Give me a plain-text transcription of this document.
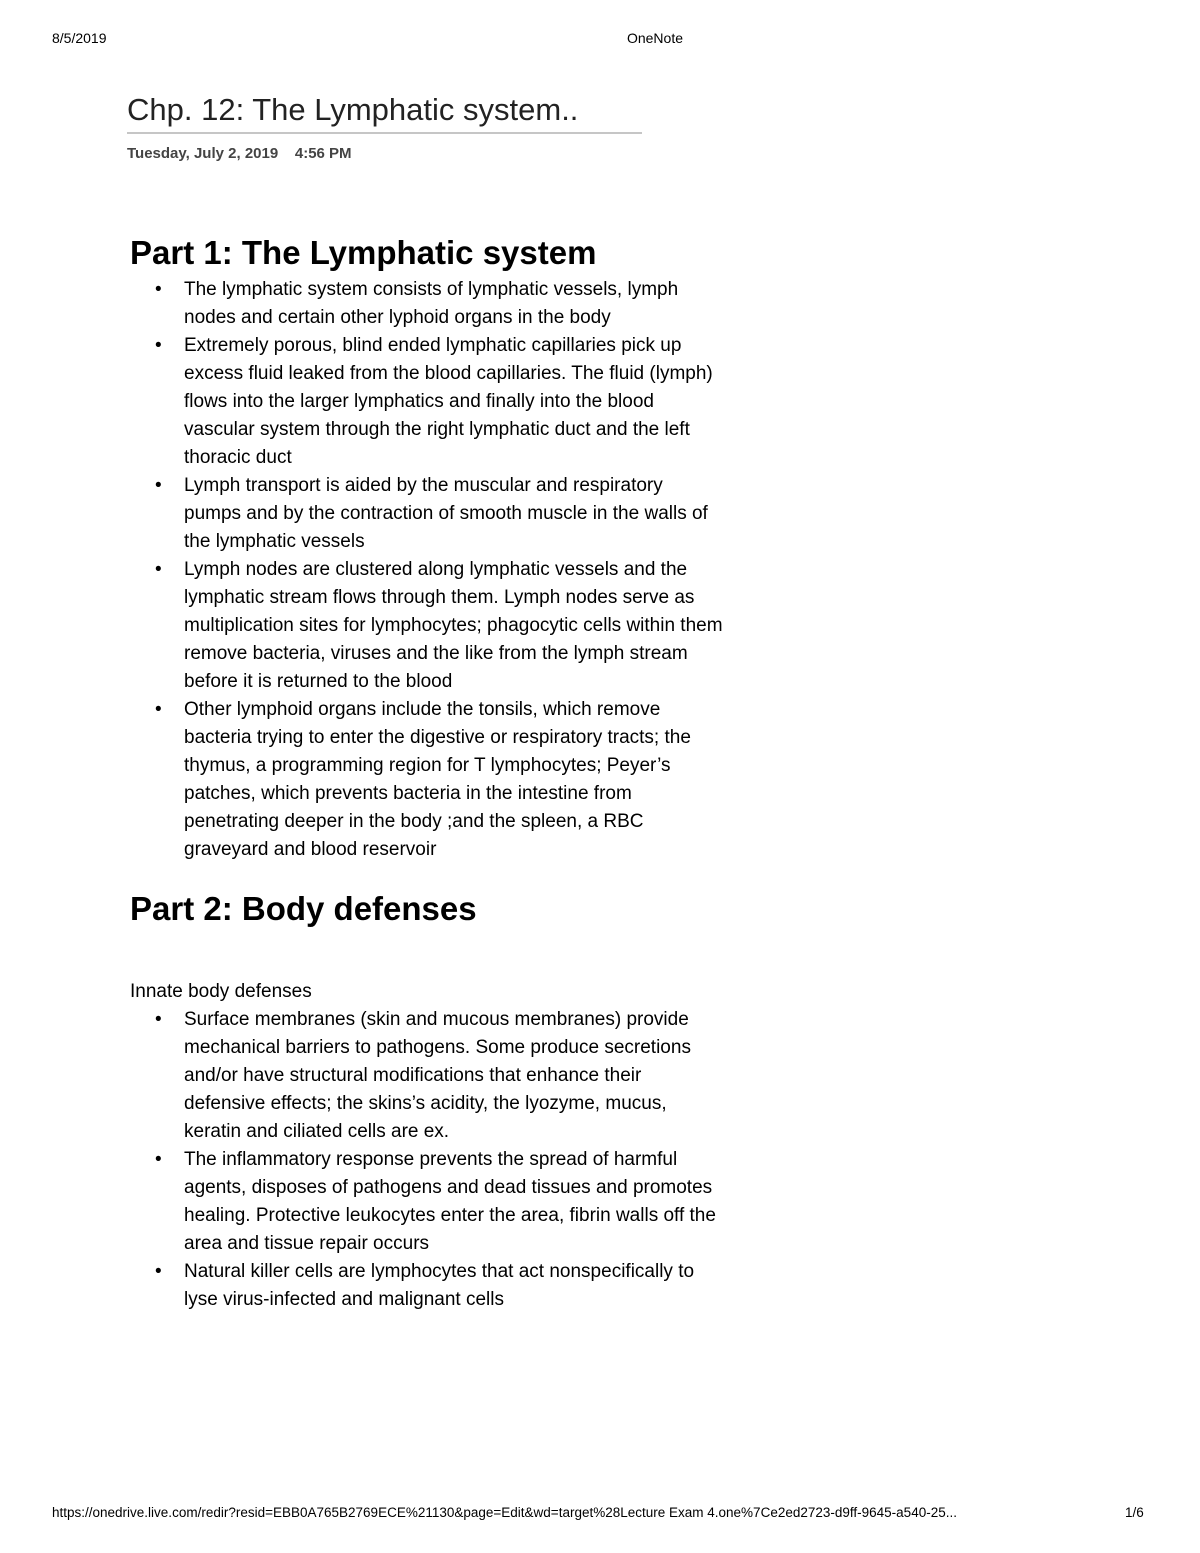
8/5/2019	OneNote
Chp. 12: The Lymphatic system..
Tuesday, July 2, 2019    4:56 PM
Part 1: The Lymphatic system
• The lymphatic system consists of lymphatic vessels, lymph nodes and certain other lyphoid organs in the body
• Extremely porous, blind ended lymphatic capillaries pick up excess fluid leaked from the blood capillaries. The fluid (lymph) flows into the larger lymphatics and finally into the blood vascular system through the right lymphatic duct and the left thoracic duct
• Lymph transport is aided by the muscular and respiratory pumps and by the contraction of smooth muscle in the walls of the lymphatic vessels
• Lymph nodes are clustered along lymphatic vessels and the lymphatic stream flows through them. Lymph nodes serve as multiplication sites for lymphocytes; phagocytic cells within them remove bacteria, viruses and the like from the lymph stream before it is returned to the blood
• Other lymphoid organs include the tonsils, which remove bacteria trying to enter the digestive or respiratory tracts; the thymus, a programming region for T lymphocytes; Peyer’s patches, which prevents bacteria in the intestine from penetrating deeper in the body ;and the spleen, a RBC graveyard and blood reservoir
Part 2: Body defenses
Innate body defenses
• Surface membranes (skin and mucous membranes) provide mechanical barriers to pathogens. Some produce secretions and/or have structural modifications that enhance their defensive effects; the skins’s acidity, the lyozyme, mucus, keratin and ciliated cells are ex.
• The inflammatory response prevents the spread of harmful agents, disposes of pathogens and dead tissues and promotes healing. Protective leukocytes enter the area, fibrin walls off the area and tissue repair occurs
• Natural killer cells are lymphocytes that act nonspecifically to lyse virus-infected and malignant cells
https://onedrive.live.com/redir?resid=EBB0A765B2769ECE%21130&page=Edit&wd=target%28Lecture Exam 4.one%7Ce2ed2723-d9ff-9645-a540-25...	1/6
